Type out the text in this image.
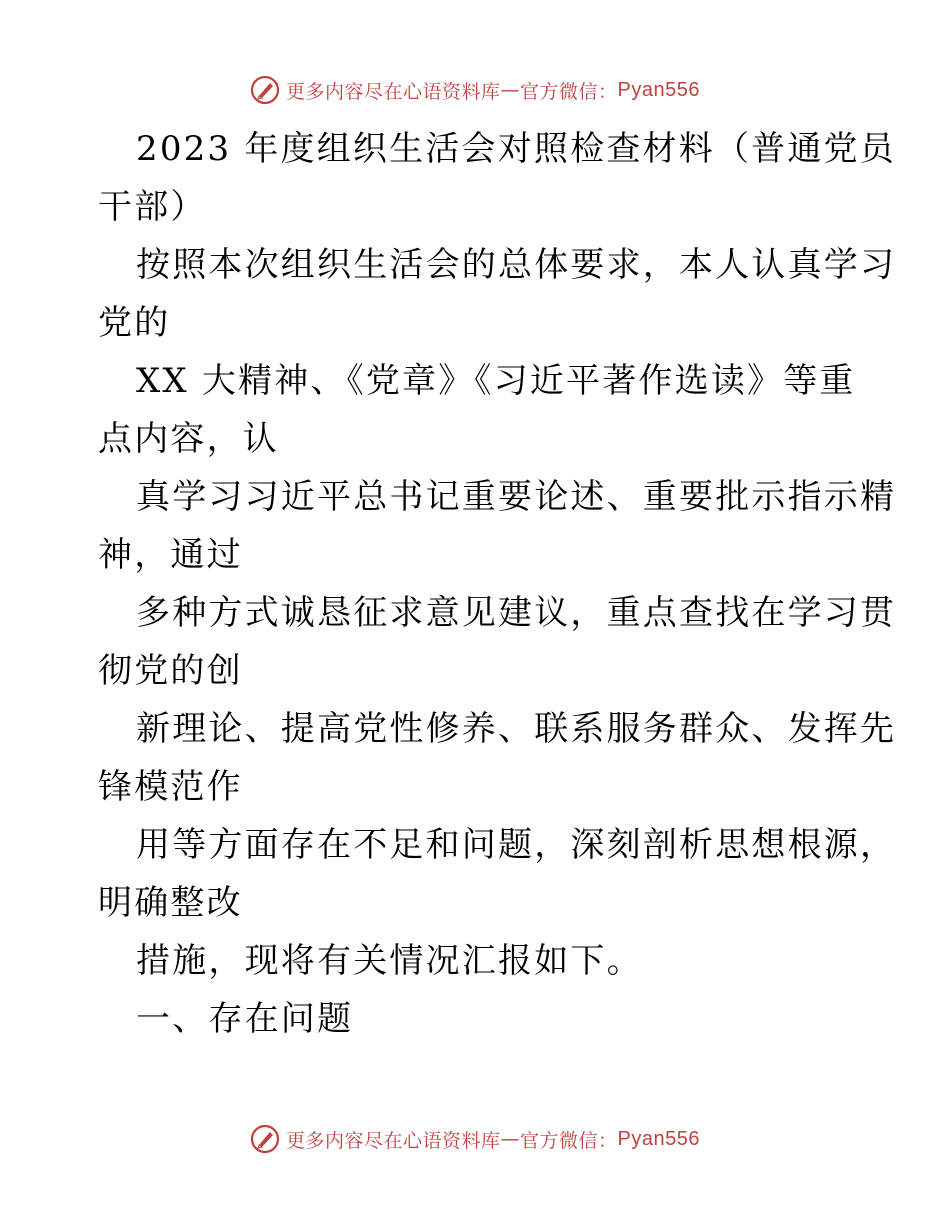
更多内容尽在心语资料库 — 官方微信： Pyan556
2023 年度组织生活会对照检查材料（普通党员
干部）
按照本次组织生活会的总体要求，本人认真学习
党的
XX 大精神、《党章》《习近平著作选读》等重
点内容，认
真学习习近平总书记重要论述、重要批示指示精
神，通过
多种方式诚恳征求意见建议，重点查找在学习贯
彻党的创
新理论、提高党性修养、联系服务群众、发挥先
锋模范作
用等方面存在不足和问题，深刻剖析思想根源，
明确整改
措施，现将有关情况汇报如下。
一、存在问题
更多内容尽在心语资料库 — 官方微信： Pyan556
